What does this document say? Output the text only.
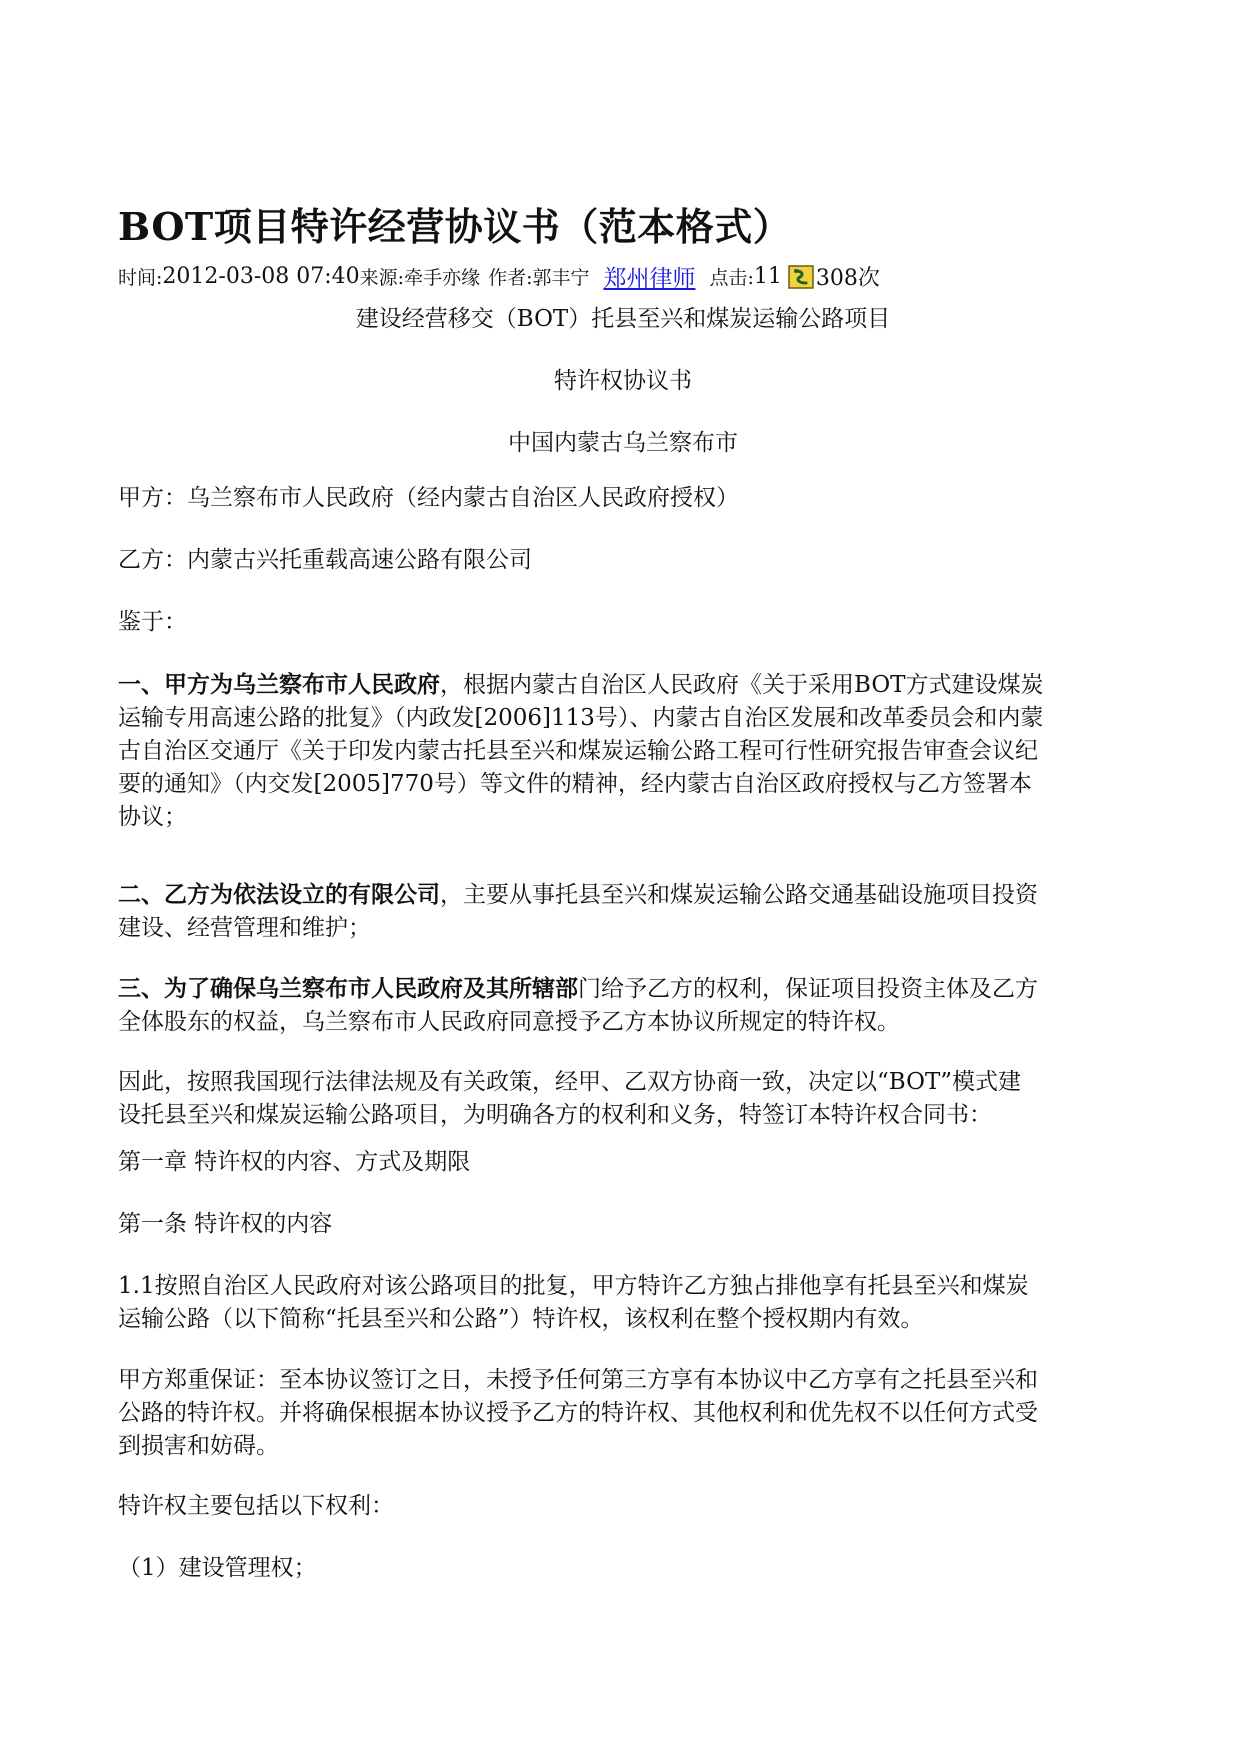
BOT项目特许经营协议书（范本格式）
时间: 2012-03-08 07:40 来源: 牵手亦缘 作者: 郭丰宁 郑州律师 点击: 11 308次
建设经营移交（BOT）托县至兴和煤炭运输公路项目
特许权协议书
中国内蒙古乌兰察布市

甲方：乌兰察布市人民政府（经内蒙古自治区人民政府授权）

乙方：内蒙古兴托重载高速公路有限公司

鉴于：

一、甲方为乌兰察布市人民政府，根据内蒙古自治区人民政府《关于采用BOT方式建设煤炭
运输专用高速公路的批复》（内政发[2006]113号）、内蒙古自治区发展和改革委员会和内蒙
古自治区交通厅《关于印发内蒙古托县至兴和煤炭运输公路工程可行性研究报告审查会议纪
要的通知》（内交发[2005]770号）等文件的精神，经内蒙古自治区政府授权与乙方签署本
协议；
二、乙方为依法设立的有限公司，主要从事托县至兴和煤炭运输公路交通基础设施项目投资
建设、经营管理和维护；
三、为了确保乌兰察布市人民政府及其所辖部门给予乙方的权利，保证项目投资主体及乙方
全体股东的权益，乌兰察布市人民政府同意授予乙方本协议所规定的特许权。
因此，按照我国现行法律法规及有关政策，经甲、乙双方协商一致，决定以“BOT”模式建
设托县至兴和煤炭运输公路项目，为明确各方的权利和义务，特签订本特许权合同书：

第一章 特许权的内容、方式及期限

第一条 特许权的内容

1.1按照自治区人民政府对该公路项目的批复，甲方特许乙方独占排他享有托县至兴和煤炭
运输公路（以下简称“托县至兴和公路”）特许权，该权利在整个授权期内有效。
甲方郑重保证：至本协议签订之日，未授予任何第三方享有本协议中乙方享有之托县至兴和
公路的特许权。并将确保根据本协议授予乙方的特许权、其他权利和优先权不以任何方式受
到损害和妨碍。

特许权主要包括以下权利：

（1）建设管理权；
